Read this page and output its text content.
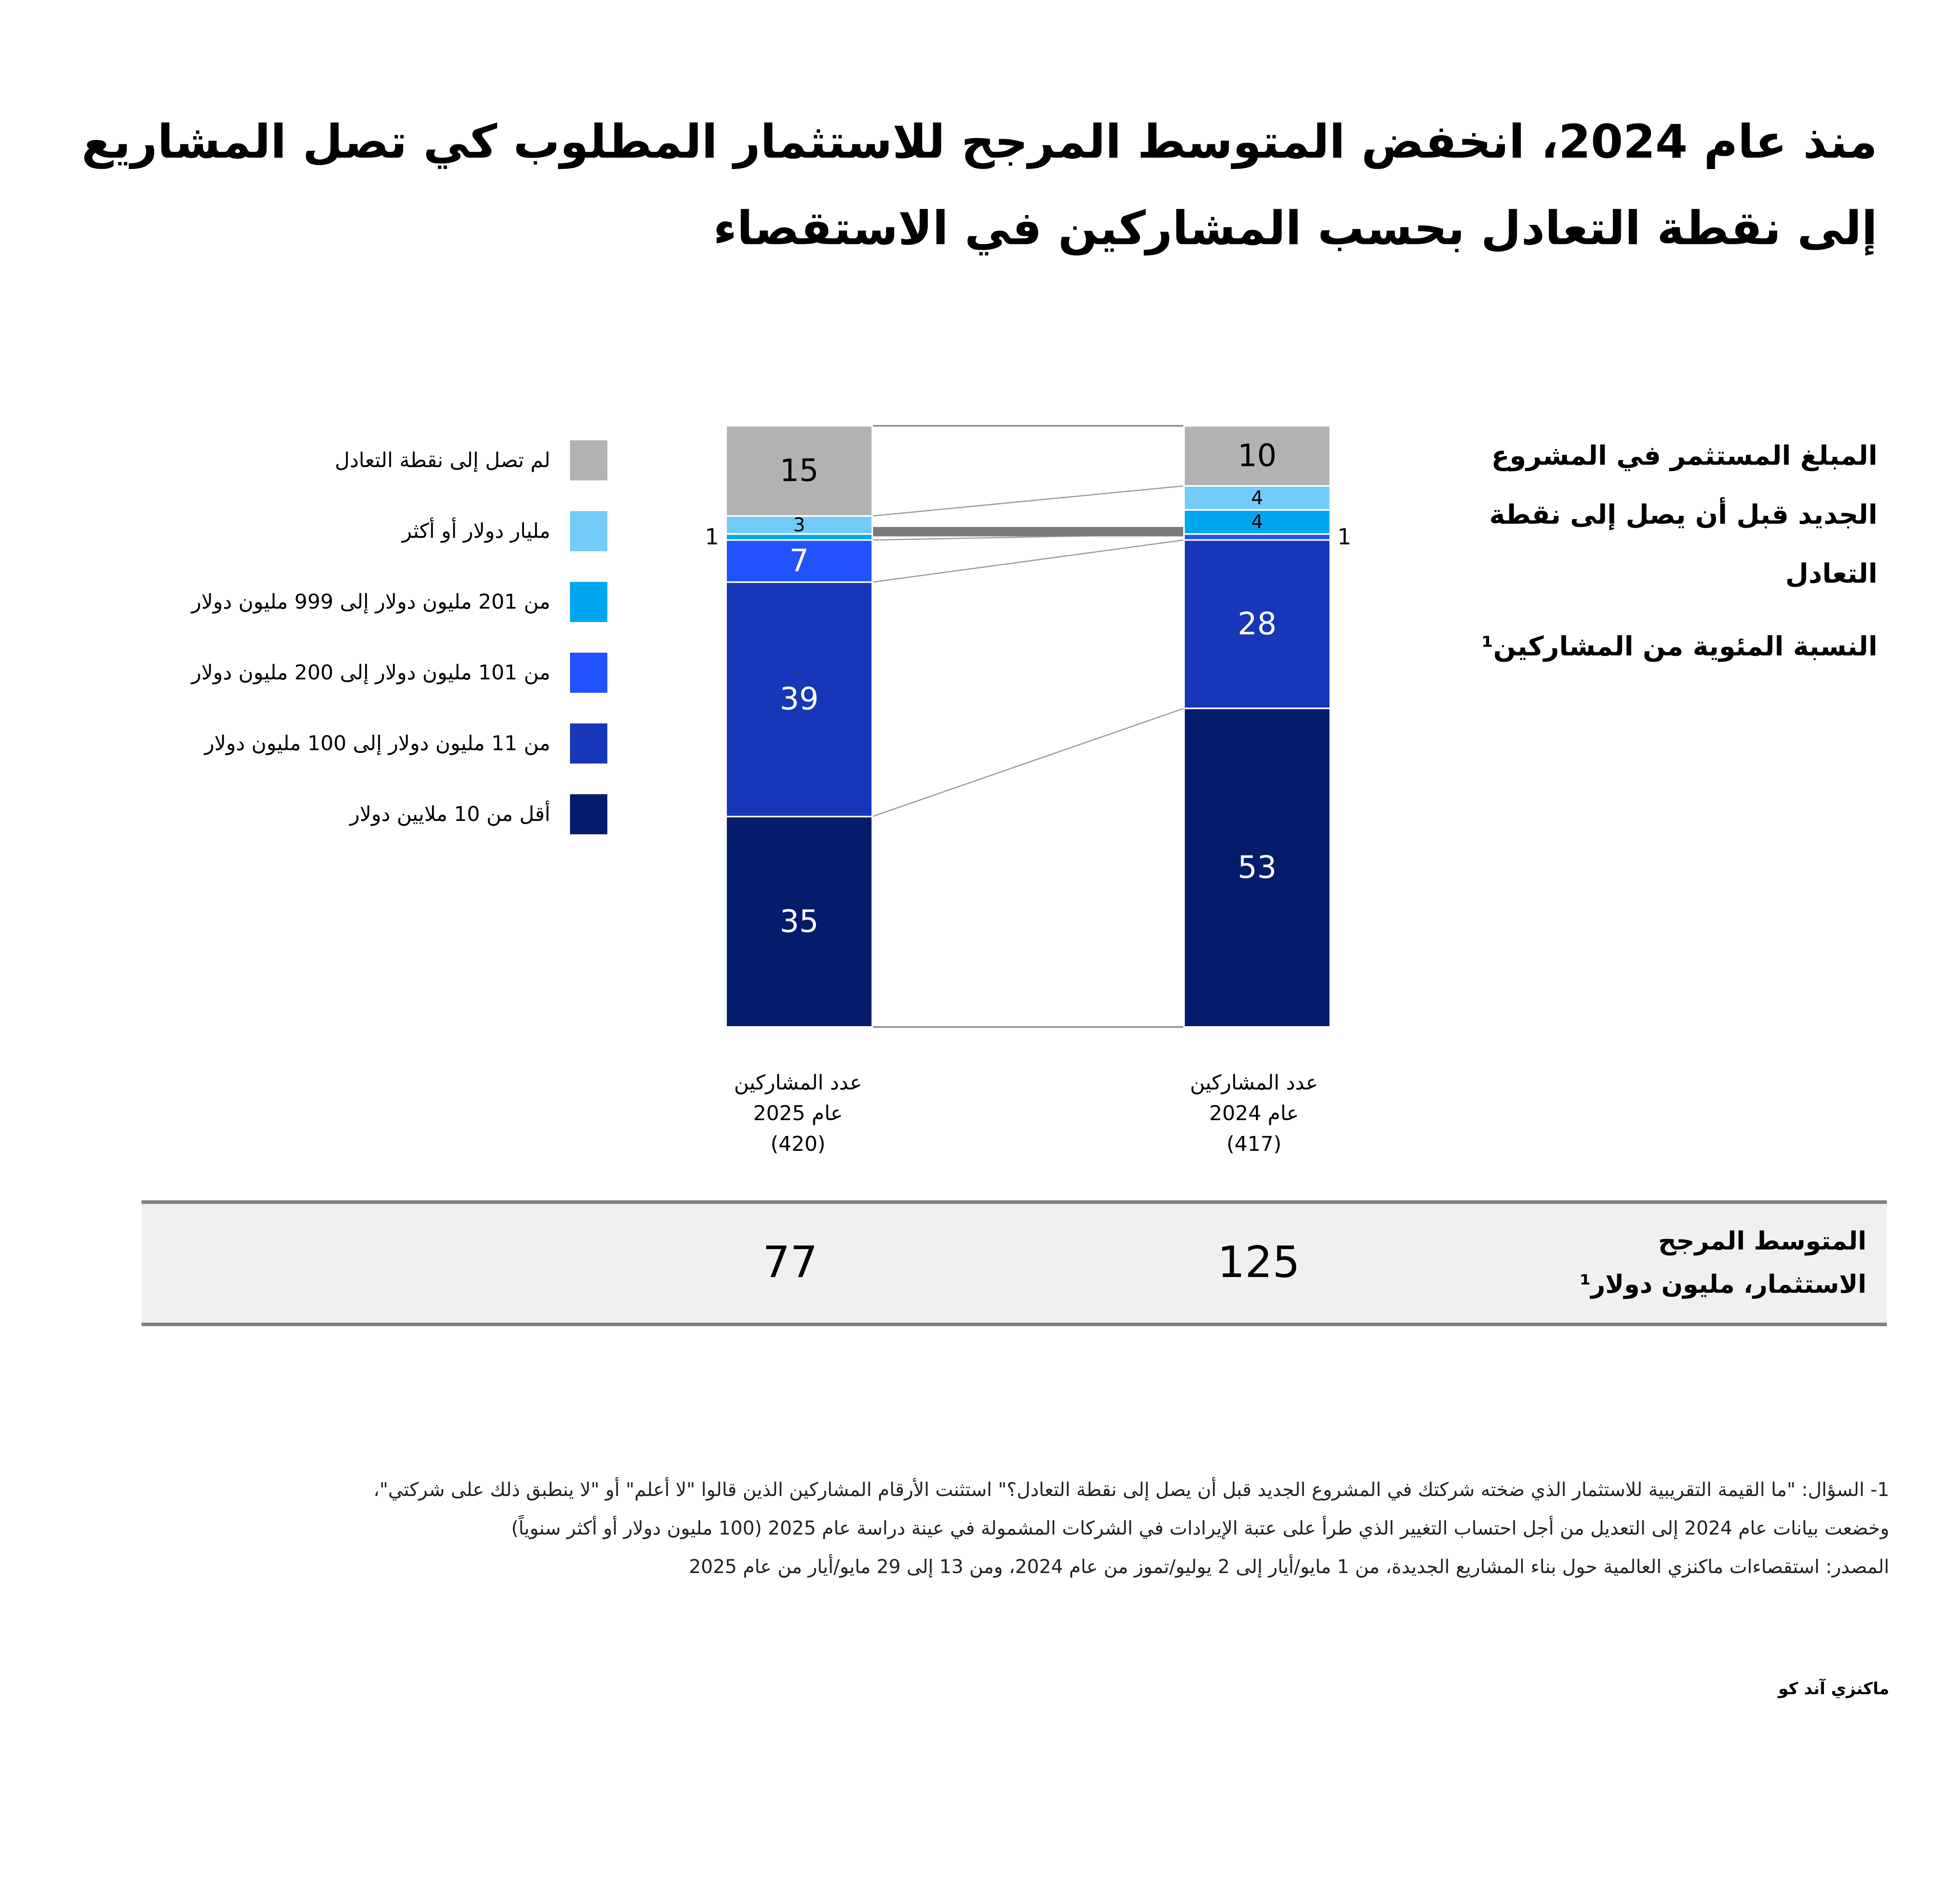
منذ عام 2024، انخفض المتوسط المرجح للاستثمار المطلوب كي تصل المشاريع إلى نقطة التعادل بحسب المشاركين في الاستقصاء
المبلغ المستثمر في المشروع الجديد قبل أن يصل إلى نقطة التعادل
النسبة المئوية من المشاركين¹
لم تصل إلى نقطة التعادل
مليار دولار أو أكثر
من 201 مليون دولار إلى 999 مليون دولار
من 101 مليون دولار إلى 200 مليون دولار
من 11 مليون دولار إلى 100 مليون دولار
أقل من 10 ملايين دولار
35
39
7
1	3
15
53
28
1
4
4
10
عدد المشاركين
عام 2025
(420)
عدد المشاركين
عام 2024
(417)
المتوسط المرجح
الاستثمار، مليون دولار¹
77	125

1- السؤال: "ما القيمة التقريبية للاستثمار الذي ضخته شركتك في المشروع الجديد قبل أن يصل إلى نقطة التعادل؟" استثنت الأرقام المشاركين الذين قالوا "لا أعلم" أو "لا ينطبق ذلك على شركتي"، وخضعت بيانات عام 2024 إلى التعديل من أجل احتساب التغيير الذي طرأ على عتبة الإيرادات في الشركات المشمولة في عينة دراسة عام 2025 (100 مليون دولار أو أكثر سنوياً)

المصدر: استقصاءات ماكنزي العالمية حول بناء المشاريع الجديدة، من 1 مايو/أيار إلى 2 يوليو/تموز من عام 2024، ومن 13 إلى 29 مايو/أيار من عام 2025

ماكنزي آند كو
